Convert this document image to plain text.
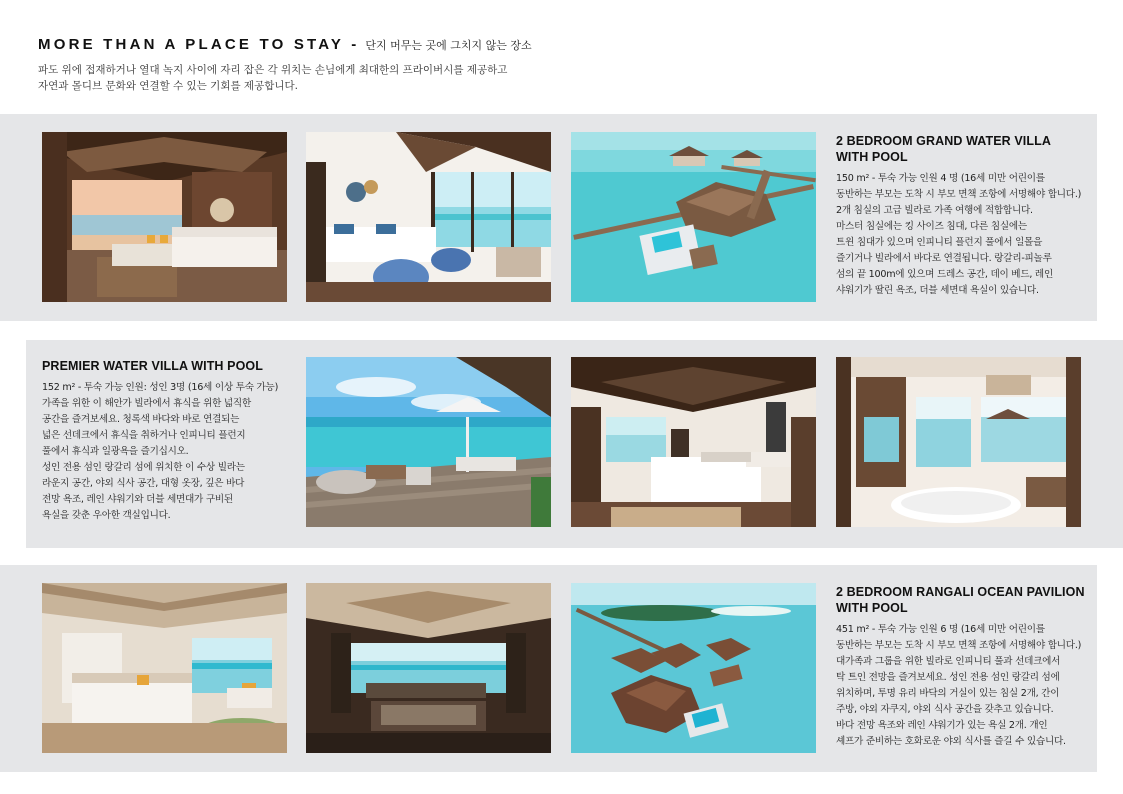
MORE THAN A PLACE TO STAY - 단지 머무는 곳에 그치지 않는 장소

파도 위에 접재하거나 열대 녹지 사이에 자리 잡은 각 위치는 손님에게 최대한의 프라이버시를 제공하고
자연과 몰디브 문화와 연결할 수 있는 기회를 제공합니다.

2 BEDROOM GRAND WATER VILLA WITH POOL

150 m² - 투숙 가능 인원 4 명 (16세 미만 어린이를
동반하는 부모는 도착 시 부모 면책 조항에 서명해야 합니다.)
2개 침실의 고급 빌라로 가족 여행에 적합합니다.
마스터 침실에는 킹 사이즈 침대, 다른 침실에는
트윈 침대가 있으며 인피니티 플런지 풀에서 일몰을
즐기거나 빌라에서 바다로 연결됩니다. 랑갈리-피놀루
섬의 끝 100m에 있으며 드레스 공간, 데이 베드, 레인
샤워기가 딸린 욕조, 더블 세면대 욕실이 있습니다.

PREMIER WATER VILLA WITH POOL

152 m² - 투숙 가능 인원: 성인 3명 (16세 이상 투숙 가능)
가족을 위한 이 해안가 빌라에서 휴식을 위한 넓직한
공간을 즐겨보세요. 청록색 바다와 바로 연결되는
넓은 선데크에서 휴식을 취하거나 인피니티 플런지
풀에서 휴식과 일광욕을 즐기십시오.
성인 전용 섬인 랑갈리 섬에 위치한 이 수상 빌라는
라운지 공간, 야외 식사 공간, 대형 옷장, 깊은 바다
전망 욕조, 레인 샤워기와 더블 세면대가 구비된
욕실을 갖춘 우아한 객실입니다.

2 BEDROOM RANGALI OCEAN PAVILION WITH POOL

451 m² - 투숙 가능 인원 6 명 (16세 미만 어린이를
동반하는 부모는 도착 시 부모 면책 조항에 서명해야 합니다.)
대가족과 그룹을 위한 빌라로 인피니티 풀과 선데크에서
탁 트인 전망을 즐겨보세요. 성인 전용 섬인 랑갈리 섬에
위치하며, 투명 유리 바닥의 거실이 있는 침실 2개, 간이
주방, 야외 자쿠지, 야외 식사 공간을 갖추고 있습니다.
바다 전망 욕조와 레인 샤워기가 있는 욕실 2개. 개인
셰프가 준비하는 호화로운 야외 식사를 즐길 수 있습니다.
